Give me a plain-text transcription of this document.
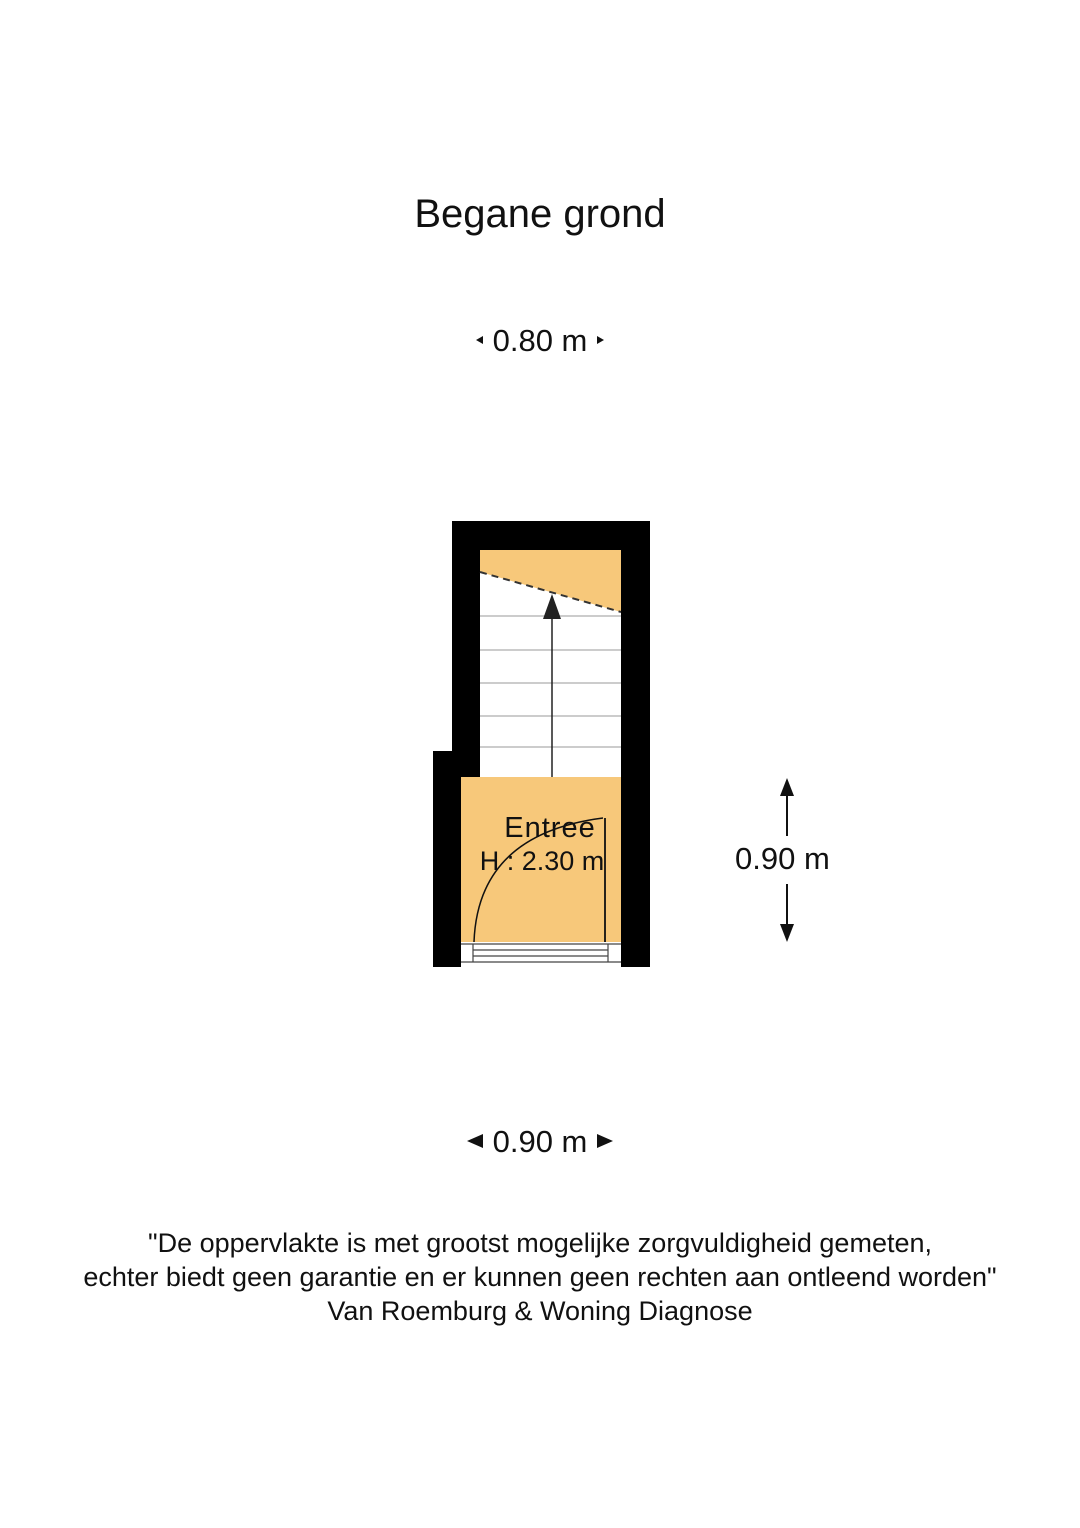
Begane grond
0.80 m
Entree
H : 2.30 m	0.90 m
0.90 m
"De oppervlakte is met grootst mogelijke zorgvuldigheid gemeten,
echter biedt geen garantie en er kunnen geen rechten aan ontleend worden"
Van Roemburg & Woning Diagnose
